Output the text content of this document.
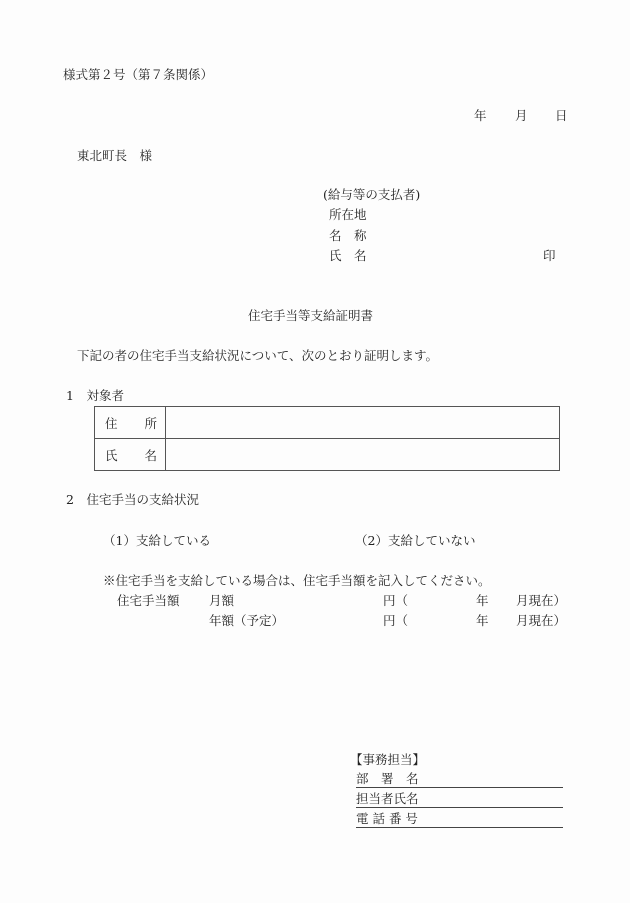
様式第２号（第７条関係）
年 月 日
東北町長　様
(給与等の支払者)
所在地
名　称
氏　名	印
住宅手当等支給証明書
下記の者の住宅手当支給状況について、次のとおり証明します。
1　対象者
住 所	

氏 名	

2　住宅手当の支給状況
（1）支給している	（2）支給していない
※住宅手当を支給している場合は、住宅手当額を記入してください。
住宅手当額 月額	円（	年 月現在）
年額（予定）	円（	年 月現在）
【事務担当】
部　署　名
担当者氏名
電 話 番 号
